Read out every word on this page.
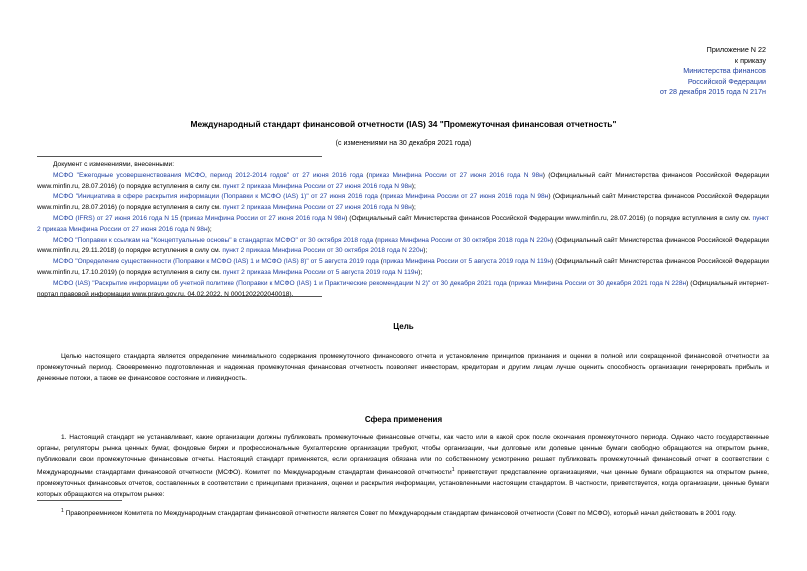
Приложение N 22
к приказу
Министерства финансов
Российской Федерации
от 28 декабря 2015 года N 217н
Международный стандарт финансовой отчетности (IAS) 34 "Промежуточная финансовая отчетность"
(с изменениями на 30 декабря 2021 года)
Документ с изменениями, внесенными:
МСФО "Ежегодные усовершенствования МСФО, период 2012-2014 годов" от 27 июня 2016 года (приказ Минфина России от 27 июня 2016 года N 98н) (Официальный сайт Министерства финансов Российской Федерации www.minfin.ru, 28.07.2016) (о порядке вступления в силу см. пункт 2 приказа Минфина России от 27 июня 2016 года N 98н);
МСФО "Инициатива в сфере раскрытия информации (Поправки к МСФО (IAS) 1)" от 27 июня 2016 года (приказ Минфина России от 27 июня 2016 года N 98н) (Официальный сайт Министерства финансов Российской Федерации www.minfin.ru, 28.07.2016) (о порядке вступления в силу см. пункт 2 приказа Минфина России от 27 июня 2016 года N 98н);
МСФО (IFRS) от 27 июня 2016 года N 15 (приказ Минфина России от 27 июня 2016 года N 98н) (Официальный сайт Министерства финансов Российской Федерации www.minfin.ru, 28.07.2016) (о порядке вступления в силу см. пункт 2 приказа Минфина России от 27 июня 2016 года N 98н);
МСФО "Поправки к ссылкам на "Концептуальные основы" в стандартах МСФО" от 30 октября 2018 года (приказ Минфина России от 30 октября 2018 года N 220н) (Официальный сайт Министерства финансов Российской Федерации www.minfin.ru, 29.11.2018) (о порядке вступления в силу см. пункт 2 приказа Минфина России от 30 октября 2018 года N 220н);
МСФО "Определение существенности (Поправки к МСФО (IAS) 1 и МСФО (IAS) 8)" от 5 августа 2019 года (приказ Минфина России от 5 августа 2019 года N 119н) (Официальный сайт Министерства финансов Российской Федерации www.minfin.ru, 17.10.2019) (о порядке вступления в силу см. пункт 2 приказа Минфина России от 5 августа 2019 года N 119н);
МСФО (IAS) "Раскрытие информации об учетной политике (Поправки к МСФО (IAS) 1 и Практические рекомендации N 2)" от 30 декабря 2021 года (приказ Минфина России от 30 декабря 2021 года N 228н) (Официальный интернет-портал правовой информации www.pravo.gov.ru, 04.02.2022, N 0001202202040018).
Цель
Целью настоящего стандарта является определение минимального содержания промежуточного финансового отчета и установление принципов признания и оценки в полной или сокращенной финансовой отчетности за промежуточный период. Своевременно подготовленная и надежная промежуточная финансовая отчетность позволяет инвесторам, кредиторам и другим лицам лучше оценить способность организации генерировать прибыль и денежные потоки, а также ее финансовое состояние и ликвидность.
Сфера применения
1. Настоящий стандарт не устанавливает, какие организации должны публиковать промежуточные финансовые отчеты, как часто или в какой срок после окончания промежуточного периода. Однако часто государственные органы, регуляторы рынка ценных бумаг, фондовые биржи и профессиональные бухгалтерские организации требуют, чтобы организации, чьи долговые или долевые ценные бумаги свободно обращаются на открытом рынке, публиковали свои промежуточные финансовые отчеты. Настоящий стандарт применяется, если организация обязана или по собственному усмотрению решает публиковать промежуточный финансовый отчет в соответствии с Международными стандартами финансовой отчетности (МСФО). Комитет по Международным стандартам финансовой отчетности$^1$ приветствует представление организациями, чьи ценные бумаги обращаются на открытом рынке, промежуточных финансовых отчетов, составленных в соответствии с принципами признания, оценки и раскрытия информации, установленными настоящим стандартом. В частности, приветствуется, когда организации, ценные бумаги которых обращаются на открытом рынке:
$^1$ Правопреемником Комитета по Международным стандартам финансовой отчетности является Совет по Международным стандартам финансовой отчетности (Совет по МСФО), который начал действовать в 2001 году.
